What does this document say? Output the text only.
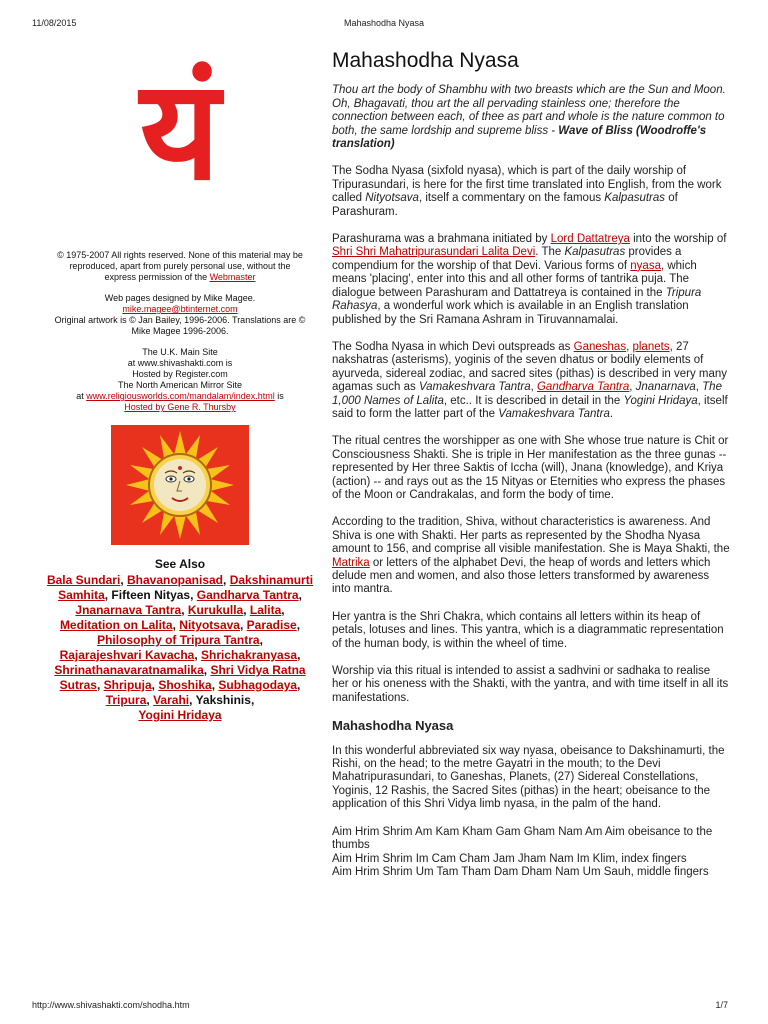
11/08/2015	Mahashodha Nyasa
यं

© 1975-2007 All rights reserved. None of this material may be

reproduced, apart from purely personal use, without the

express permission of the Webmaster

Web pages designed by Mike Magee.

mike.magee@btinternet.com

Original artwork is © Jan Bailey, 1996-2006. Translations are ©

Mike Magee 1996-2006.

The U.K. Main Site

at www.shivashakti.com is

Hosted by Register.com

The North American Mirror Site

at www.religiousworlds.com/mandalam/index.html is

Hosted by Gene R. Thursby

See Also
Bala Sundari, Bhavanopanisad, Dakshinamurti
Samhita, Fifteen Nityas, Gandharva Tantra,
Jnanarnava Tantra, Kurukulla, Lalita,
Meditation on Lalita, Nityotsava, Paradise,
Philosophy of Tripura Tantra,
Rajarajeshvari Kavacha, Shrichakranyasa,
Shrinathanavaratnamalika, Shri Vidya Ratna
Sutras, Shripuja, Shoshika, Subhagodaya,
Tripura, Varahi, Yakshinis,
Yogini Hridaya
Mahashodha Nyasa

Thou art the body of Shambhu with two breasts which are the Sun and Moon. Oh, Bhagavati, thou art the all pervading stainless one; therefore the connection between each, of thee as part and whole is the nature common to both, the same lordship and supreme bliss - Wave of Bliss (Woodroffe's translation)

The Sodha Nyasa (sixfold nyasa), which is part of the daily worship of Tripurasundari, is here for the first time translated into English, from the work called Nityotsava, itself a commentary on the famous Kalpasutras of Parashuram.

Parashurama was a brahmana initiated by Lord Dattatreya into the worship of Shri Shri Mahatripurasundari Lalita Devi. The Kalpasutras provides a compendium for the worship of that Devi. Various forms of nyasa, which means 'placing', enter into this and all other forms of tantrika puja. The dialogue between Parashuram and Dattatreya is contained in the Tripura Rahasya, a wonderful work which is available in an English translation published by the Sri Ramana Ashram in Tiruvannamalai.

The Sodha Nyasa in which Devi outspreads as Ganeshas, planets, 27 nakshatras (asterisms), yoginis of the seven dhatus or bodily elements of ayurveda, sidereal zodiac, and sacred sites (pithas) is described in very many agamas such as Vamakeshvara Tantra, Gandharva Tantra, Jnanarnava, The 1,000 Names of Lalita, etc.. It is described in detail in the Yogini Hridaya, itself said to form the latter part of the Vamakeshvara Tantra.

The ritual centres the worshipper as one with She whose true nature is Chit or Consciousness Shakti. She is triple in Her manifestation as the three gunas -- represented by Her three Saktis of Iccha (will), Jnana (knowledge), and Kriya (action) -- and rays out as the 15 Nityas or Eternities who express the phases of the Moon or Candrakalas, and form the body of time.

According to the tradition, Shiva, without characteristics is awareness. And Shiva is one with Shakti. Her parts as represented by the Shodha Nyasa amount to 156, and comprise all visible manifestation. She is Maya Shakti, the Matrika or letters of the alphabet Devi, the heap of words and letters which delude men and women, and also those letters transformed by awareness into mantra.

Her yantra is the Shri Chakra, which contains all letters within its heap of petals, lotuses and lines. This yantra, which is a diagrammatic representation of the human body, is within the wheel of time.

Worship via this ritual is intended to assist a sadhvini or sadhaka to realise her or his oneness with the Shakti, with the yantra, and with time itself in all its manifestations.

Mahashodha Nyasa

In this wonderful abbreviated six way nyasa, obeisance to Dakshinamurti, the Rishi, on the head; to the metre Gayatri in the mouth; to the Devi Mahatripurasundari, to Ganeshas, Planets, (27) Sidereal Constellations, Yoginis, 12 Rashis, the Sacred Sites (pithas) in the heart; obeisance to the application of this Shri Vidya limb nyasa, in the palm of the hand.

Aim Hrim Shrim Am Kam Kham Gam Gham Nam Am Aim obeisance to the thumbs

Aim Hrim Shrim Im Cam Cham Jam Jham Nam Im Klim, index fingers

Aim Hrim Shrim Um Tam Tham Dam Dham Nam Um Sauh, middle fingers

http://www.shivashakti.com/shodha.htm	1/7
